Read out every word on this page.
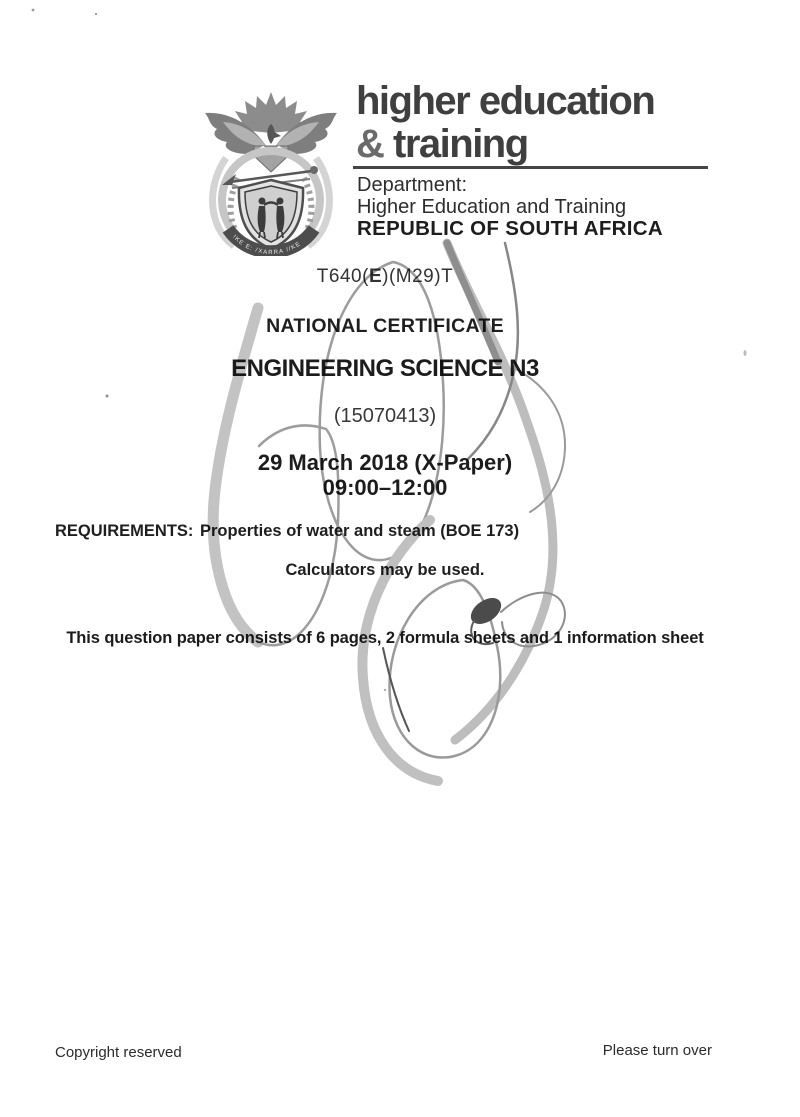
!KE E: /XARRA //KE
higher education
& training
Department:
Higher Education and Training
REPUBLIC OF SOUTH AFRICA
T640(E)(M29)T
NATIONAL CERTIFICATE
ENGINEERING SCIENCE N3
(15070413)
29 March 2018 (X-Paper)
09:00–12:00
REQUIREMENTS: Properties of water and steam (BOE 173)
Calculators may be used.
This question paper consists of 6 pages, 2 formula sheets and 1 information sheet
Copyright reserved	Please turn over
